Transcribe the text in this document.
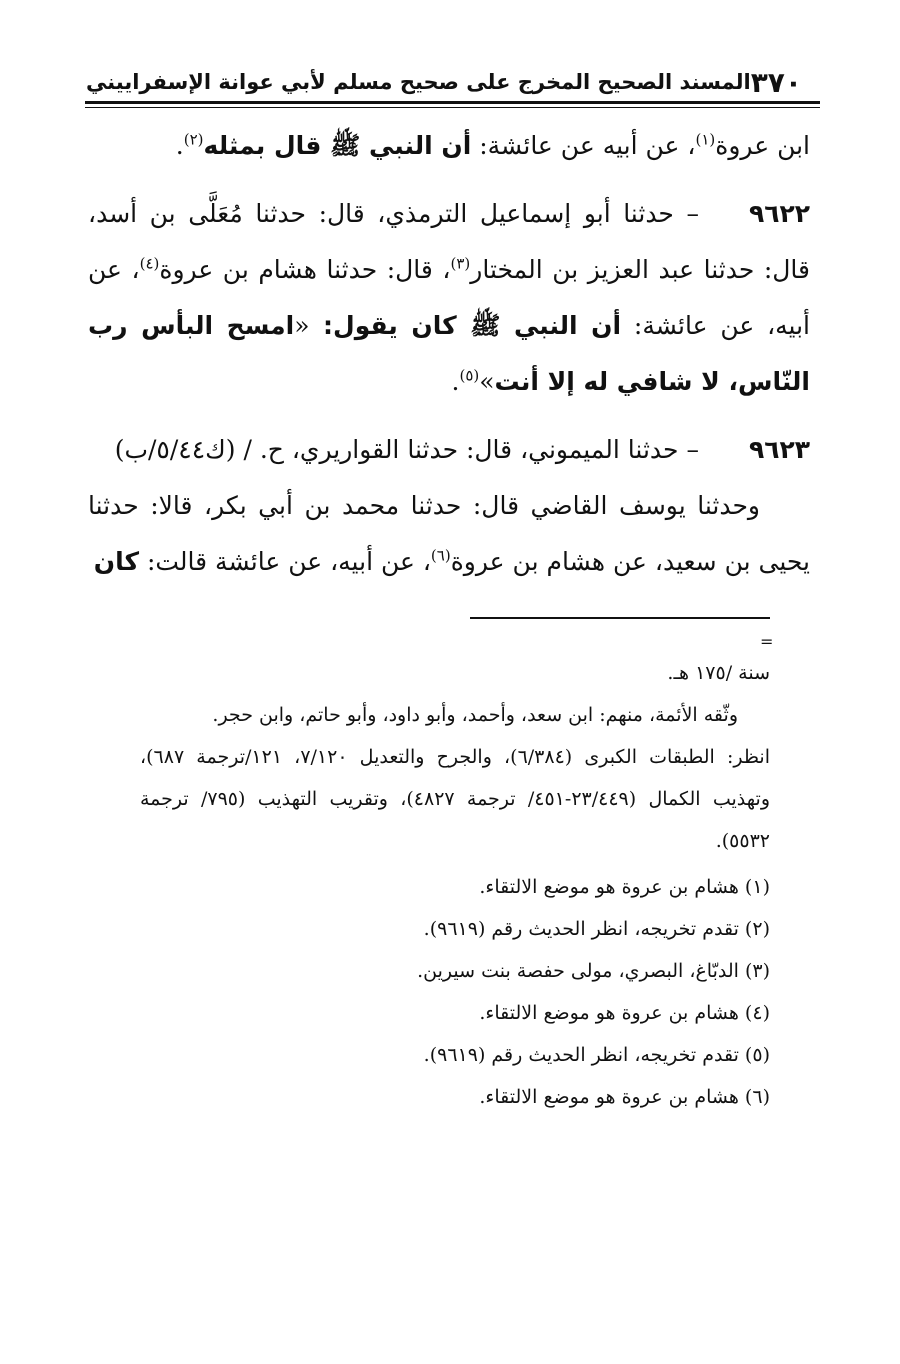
٣٧٠
المسند الصحيح المخرج على صحيح مسلم لأبي عوانة الإسفراييني

ابن عروة$^{(١)}$، عن أبيه عن عائشة: أن النبي ﷺ قال بمثله$^{(٢)}$.

٩٦٢٢– حدثنا أبو إسماعيل الترمذي، قال: حدثنا مُعَلَّى بن أسد، قال: حدثنا عبد العزيز بن المختار$^{(٣)}$، قال: حدثنا هشام بن عروة$^{(٤)}$، عن أبيه، عن عائشة: أن النبي ﷺ كان يقول: «امسح البأس رب النّاس، لا شافي له إلا أنت»$^{(٥)}$.

٩٦٢٣– حدثنا الميموني، قال: حدثنا القواريري، ح. / (ك٥/٤٤/ب)

وحدثنا يوسف القاضي قال: حدثنا محمد بن أبي بكر، قالا: حدثنا يحيى بن سعيد، عن هشام بن عروة$^{(٦)}$، عن أبيه، عن عائشة قالت: كان

=

سنة /١٧٥ هـ.

وثّقه الأئمة، منهم: ابن سعد، وأحمد، وأبو داود، وأبو حاتم، وابن حجر.

انظر: الطبقات الكبرى (٦/٣٨٤)، والجرح والتعديل ٧/١٢٠، ١٢١/ترجمة ٦٨٧)، وتهذيب الكمال (٢٣/٤٤٩-٤٥١/ ترجمة ٤٨٢٧)، وتقريب التهذيب (٧٩٥/ ترجمة ٥٥٣٢).

(١) هشام بن عروة هو موضع الالتقاء.

(٢) تقدم تخريجه، انظر الحديث رقم (٩٦١٩).

(٣) الدبّاغ، البصري، مولى حفصة بنت سيرين.

(٤) هشام بن عروة هو موضع الالتقاء.

(٥) تقدم تخريجه، انظر الحديث رقم (٩٦١٩).

(٦) هشام بن عروة هو موضع الالتقاء.
